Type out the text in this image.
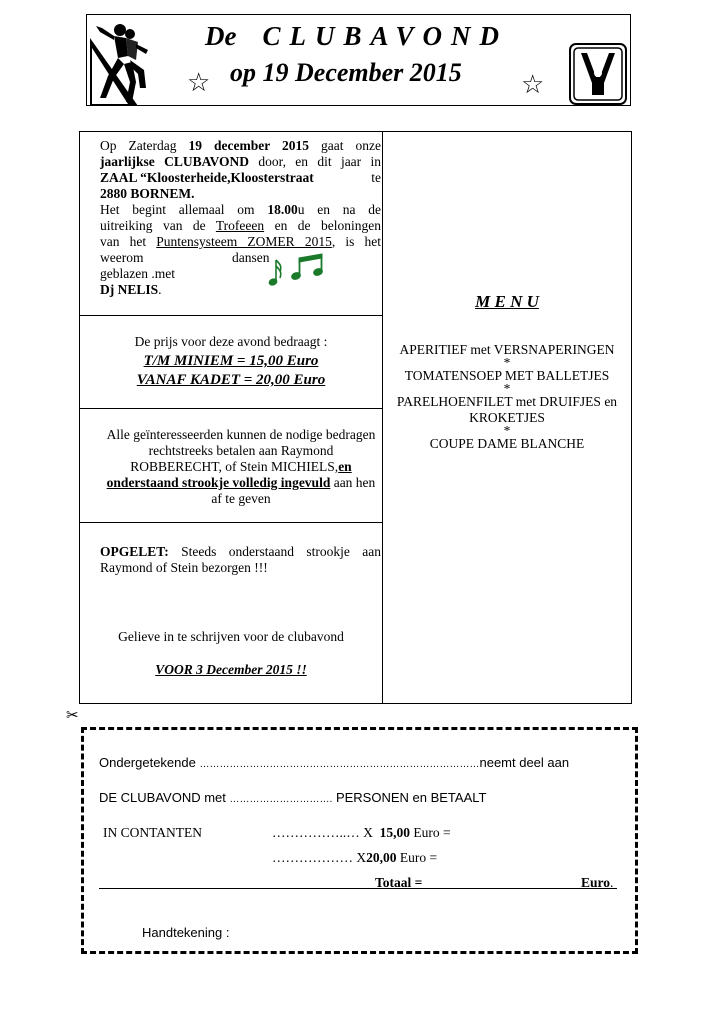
De CLUBAVOND
op 19 December 2015
☆	☆
Op Zaterdag 19 december 2015 gaat onze
jaarlijkse CLUBAVOND door, en dit jaar in
ZAAL “Kloosterheide,Kloosterstraat	te
2880 BORNEM.
Het begint allemaal om 18.00u en na de
uitreiking van de Trofeeen en de beloningen
van het Puntensysteem ZOMER 2015, is het
weerom	dansen
geblazen .met
Dj NELIS.
De prijs voor deze avond bedraagt :
T/M MINIEM = 15,00 Euro
VANAF KADET = 20,00 Euro
Alle geïnteresseerden kunnen de nodige bedragen rechtstreeks betalen aan Raymond ROBBERECHT, of Stein MICHIELS,en onderstaand strookje volledig ingevuld aan hen af te geven
OPGELET: Steeds onderstaand strookje aan Raymond of Stein bezorgen !!!
Gelieve in te schrijven voor de clubavond
VOOR 3 December 2015 !!
M E N U
APERITIEF met VERSNAPERINGEN
*
TOMATENSOEP MET BALLETJES
*
PARELHOENFILET met DRUIFJES en KROKETJES
*
COUPE DAME BLANCHE
✂
Ondergetekende …………………………………………………………………………neemt deel aan
DE CLUBAVOND met …………………………. PERSONEN en BETAALT
IN CONTANTEN	……………..… X 15,00 Euro =
……………… X20,00 Euro =
Totaal =	Euro.
Handtekening :
